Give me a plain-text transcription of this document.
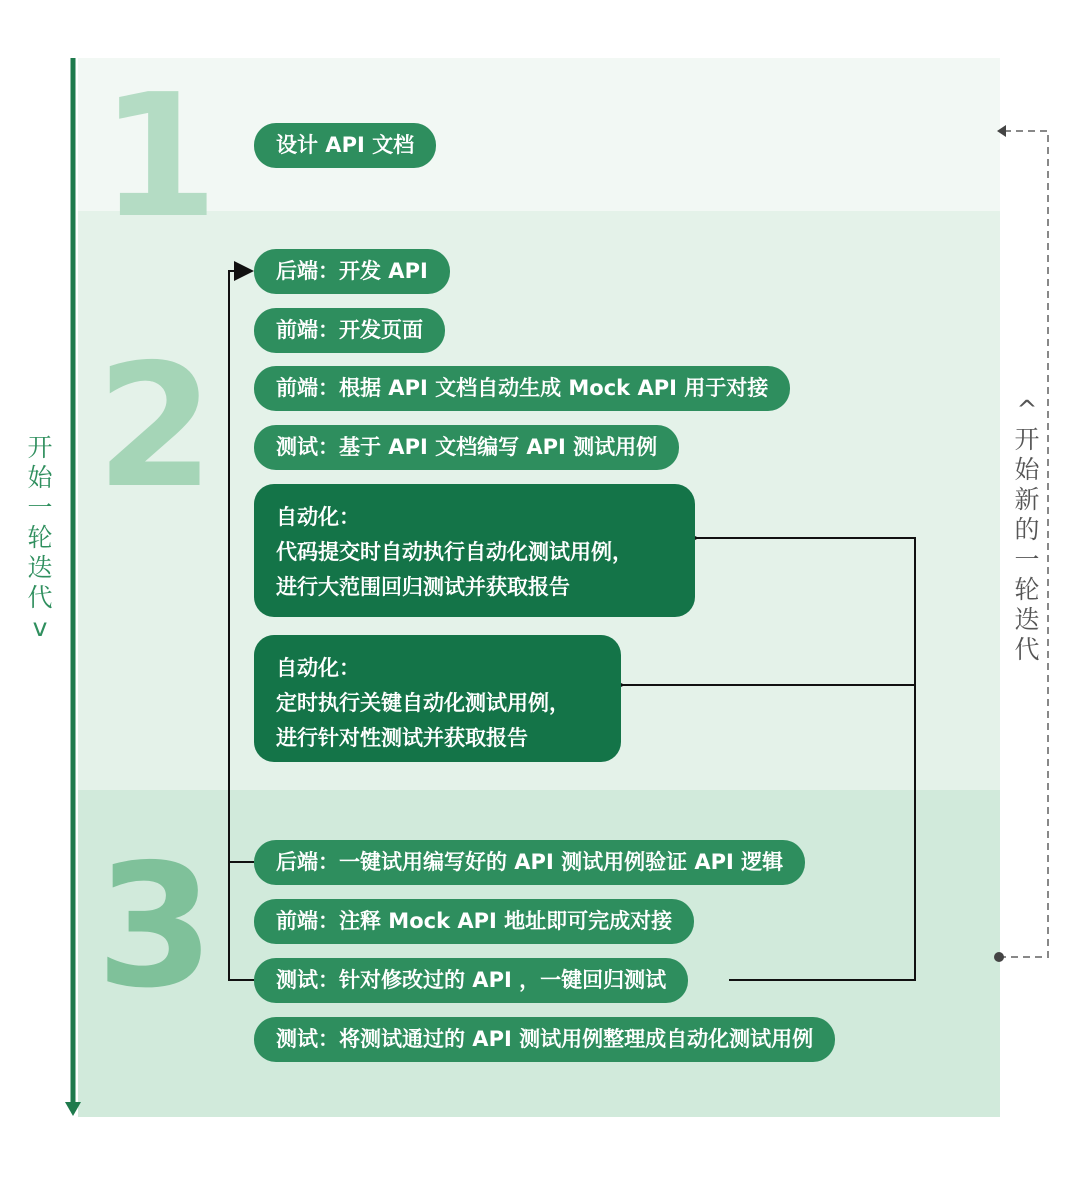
1
2
3
设计 API 文档
后端：开发 API
前端：开发页面
前端：根据 API 文档自动生成 Mock API 用于对接
测试：基于 API 文档编写 API 测试用例
自动化：
代码提交时自动执行自动化测试用例，
进行大范围回归测试并获取报告
自动化：
定时执行关键自动化测试用例，
进行针对性测试并获取报告
后端：一键试用编写好的 API 测试用例验证 API 逻辑
前端：注释 Mock API 地址即可完成对接
测试：针对修改过的 API ，一键回归测试
测试：将测试通过的 API 测试用例整理成自动化测试用例
开
始
一
轮
迭
代
v
^
开
始
新
的
一
轮
迭
代
